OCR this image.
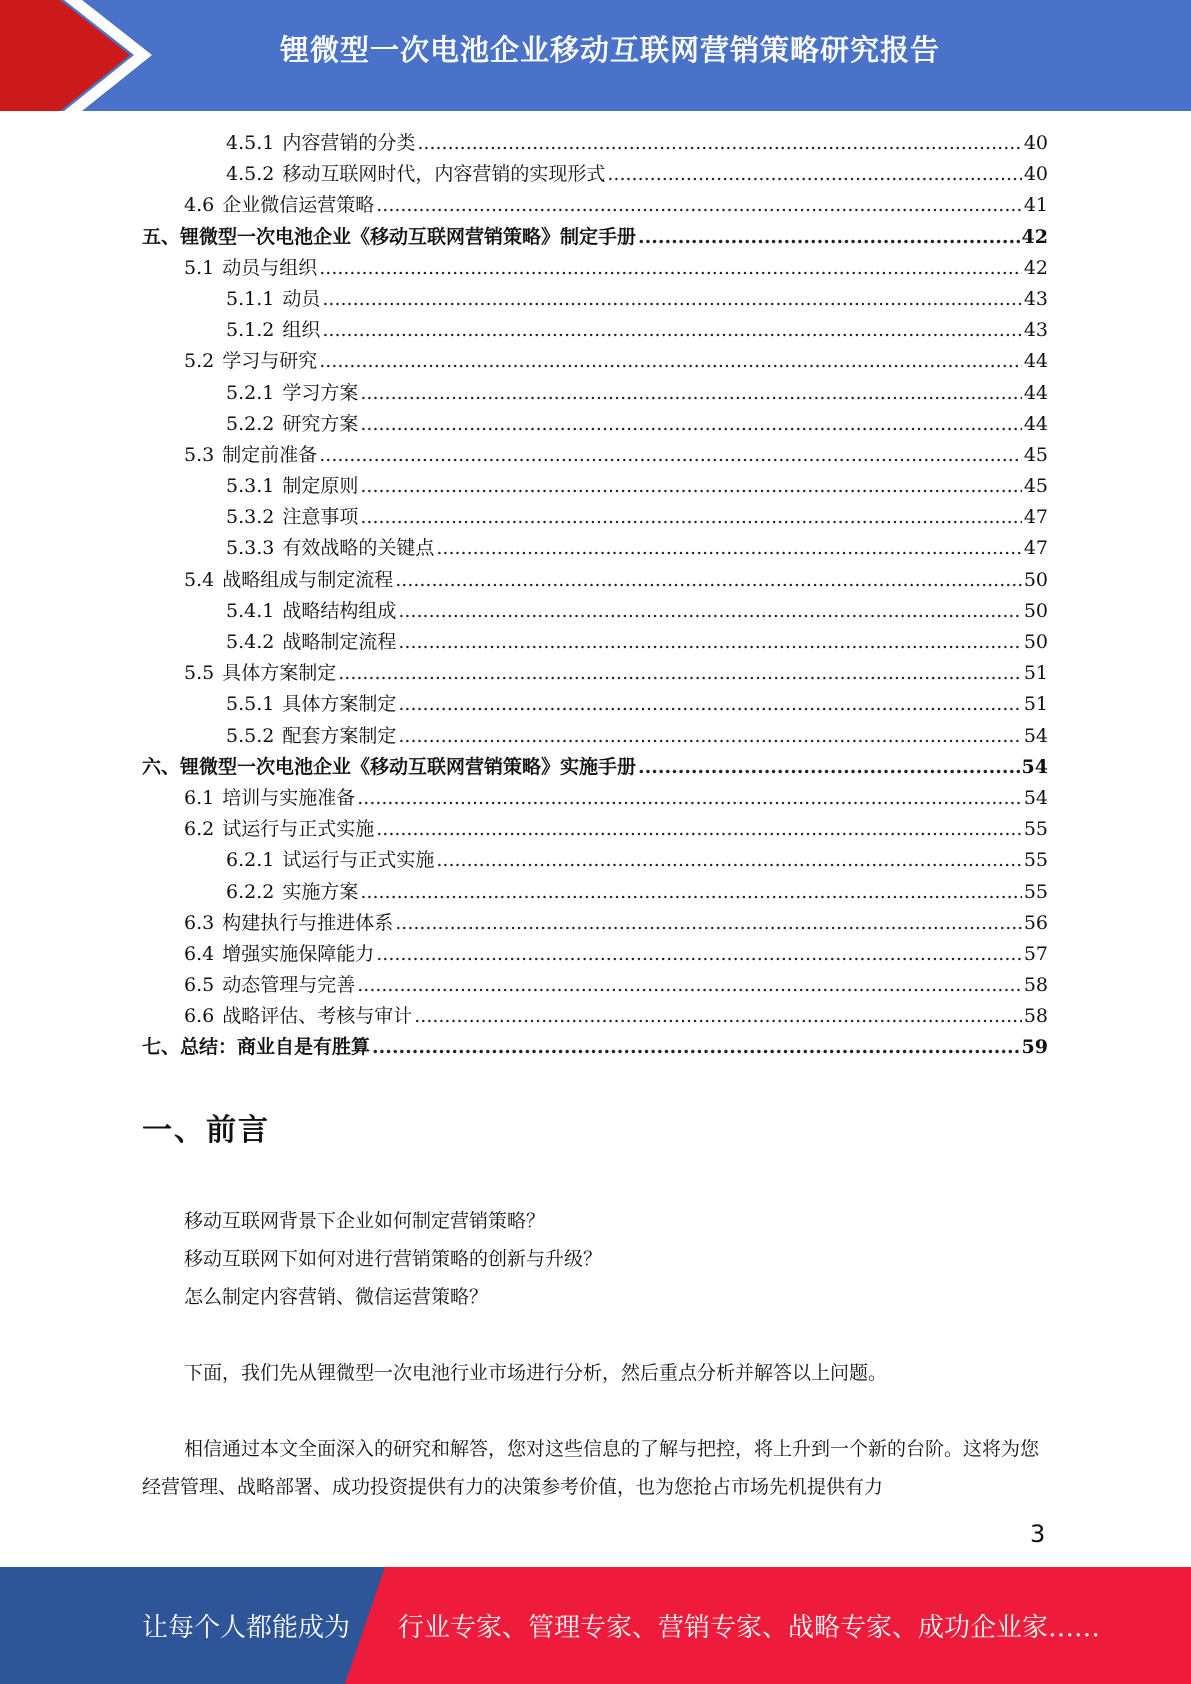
锂微型一次电池企业移动互联网营销策略研究报告
4.5.1 内容营销的分类 .....	40
4.5.2 移动互联网时代，内容营销的实现形式 .....	40
4.6 企业微信运营策略 .....	41
五、锂微型一次电池企业《移动互联网营销策略》制定手册 .....	42
5.1 动员与组织 .....	42
5.1.1 动员 .....	43
5.1.2 组织 .....	43
5.2 学习与研究 .....	44
5.2.1 学习方案 .....	44
5.2.2 研究方案 .....	44
5.3 制定前准备 .....	45
5.3.1 制定原则 .....	45
5.3.2 注意事项 .....	47
5.3.3 有效战略的关键点 .....	47
5.4 战略组成与制定流程 .....	50
5.4.1 战略结构组成 .....	50
5.4.2 战略制定流程 .....	50
5.5 具体方案制定 .....	51
5.5.1 具体方案制定 .....	51
5.5.2 配套方案制定 .....	54
六、锂微型一次电池企业《移动互联网营销策略》实施手册 .....	54
6.1 培训与实施准备 .....	54
6.2 试运行与正式实施 .....	55
6.2.1 试运行与正式实施 .....	55
6.2.2 实施方案 .....	55
6.3 构建执行与推进体系 .....	56
6.4 增强实施保障能力 .....	57
6.5 动态管理与完善 .....	58
6.6 战略评估、考核与审计 .....	58
七、总结：商业自是有胜算 .....	59
一、前言
移动互联网背景下企业如何制定营销策略？
移动互联网下如何对进行营销策略的创新与升级？
怎么制定内容营销、微信运营策略？
下面，我们先从锂微型一次电池行业市场进行分析，然后重点分析并解答以上问题。
相信通过本文全面深入的研究和解答，您对这些信息的了解与把控，将上升到一个新的台阶。这将为您经营管理、战略部署、成功投资提供有力的决策参考价值，也为您抢占市场先机提供有力
3
让每个人都能成为 行业专家、管理专家、营销专家、战略专家、成功企业家……
